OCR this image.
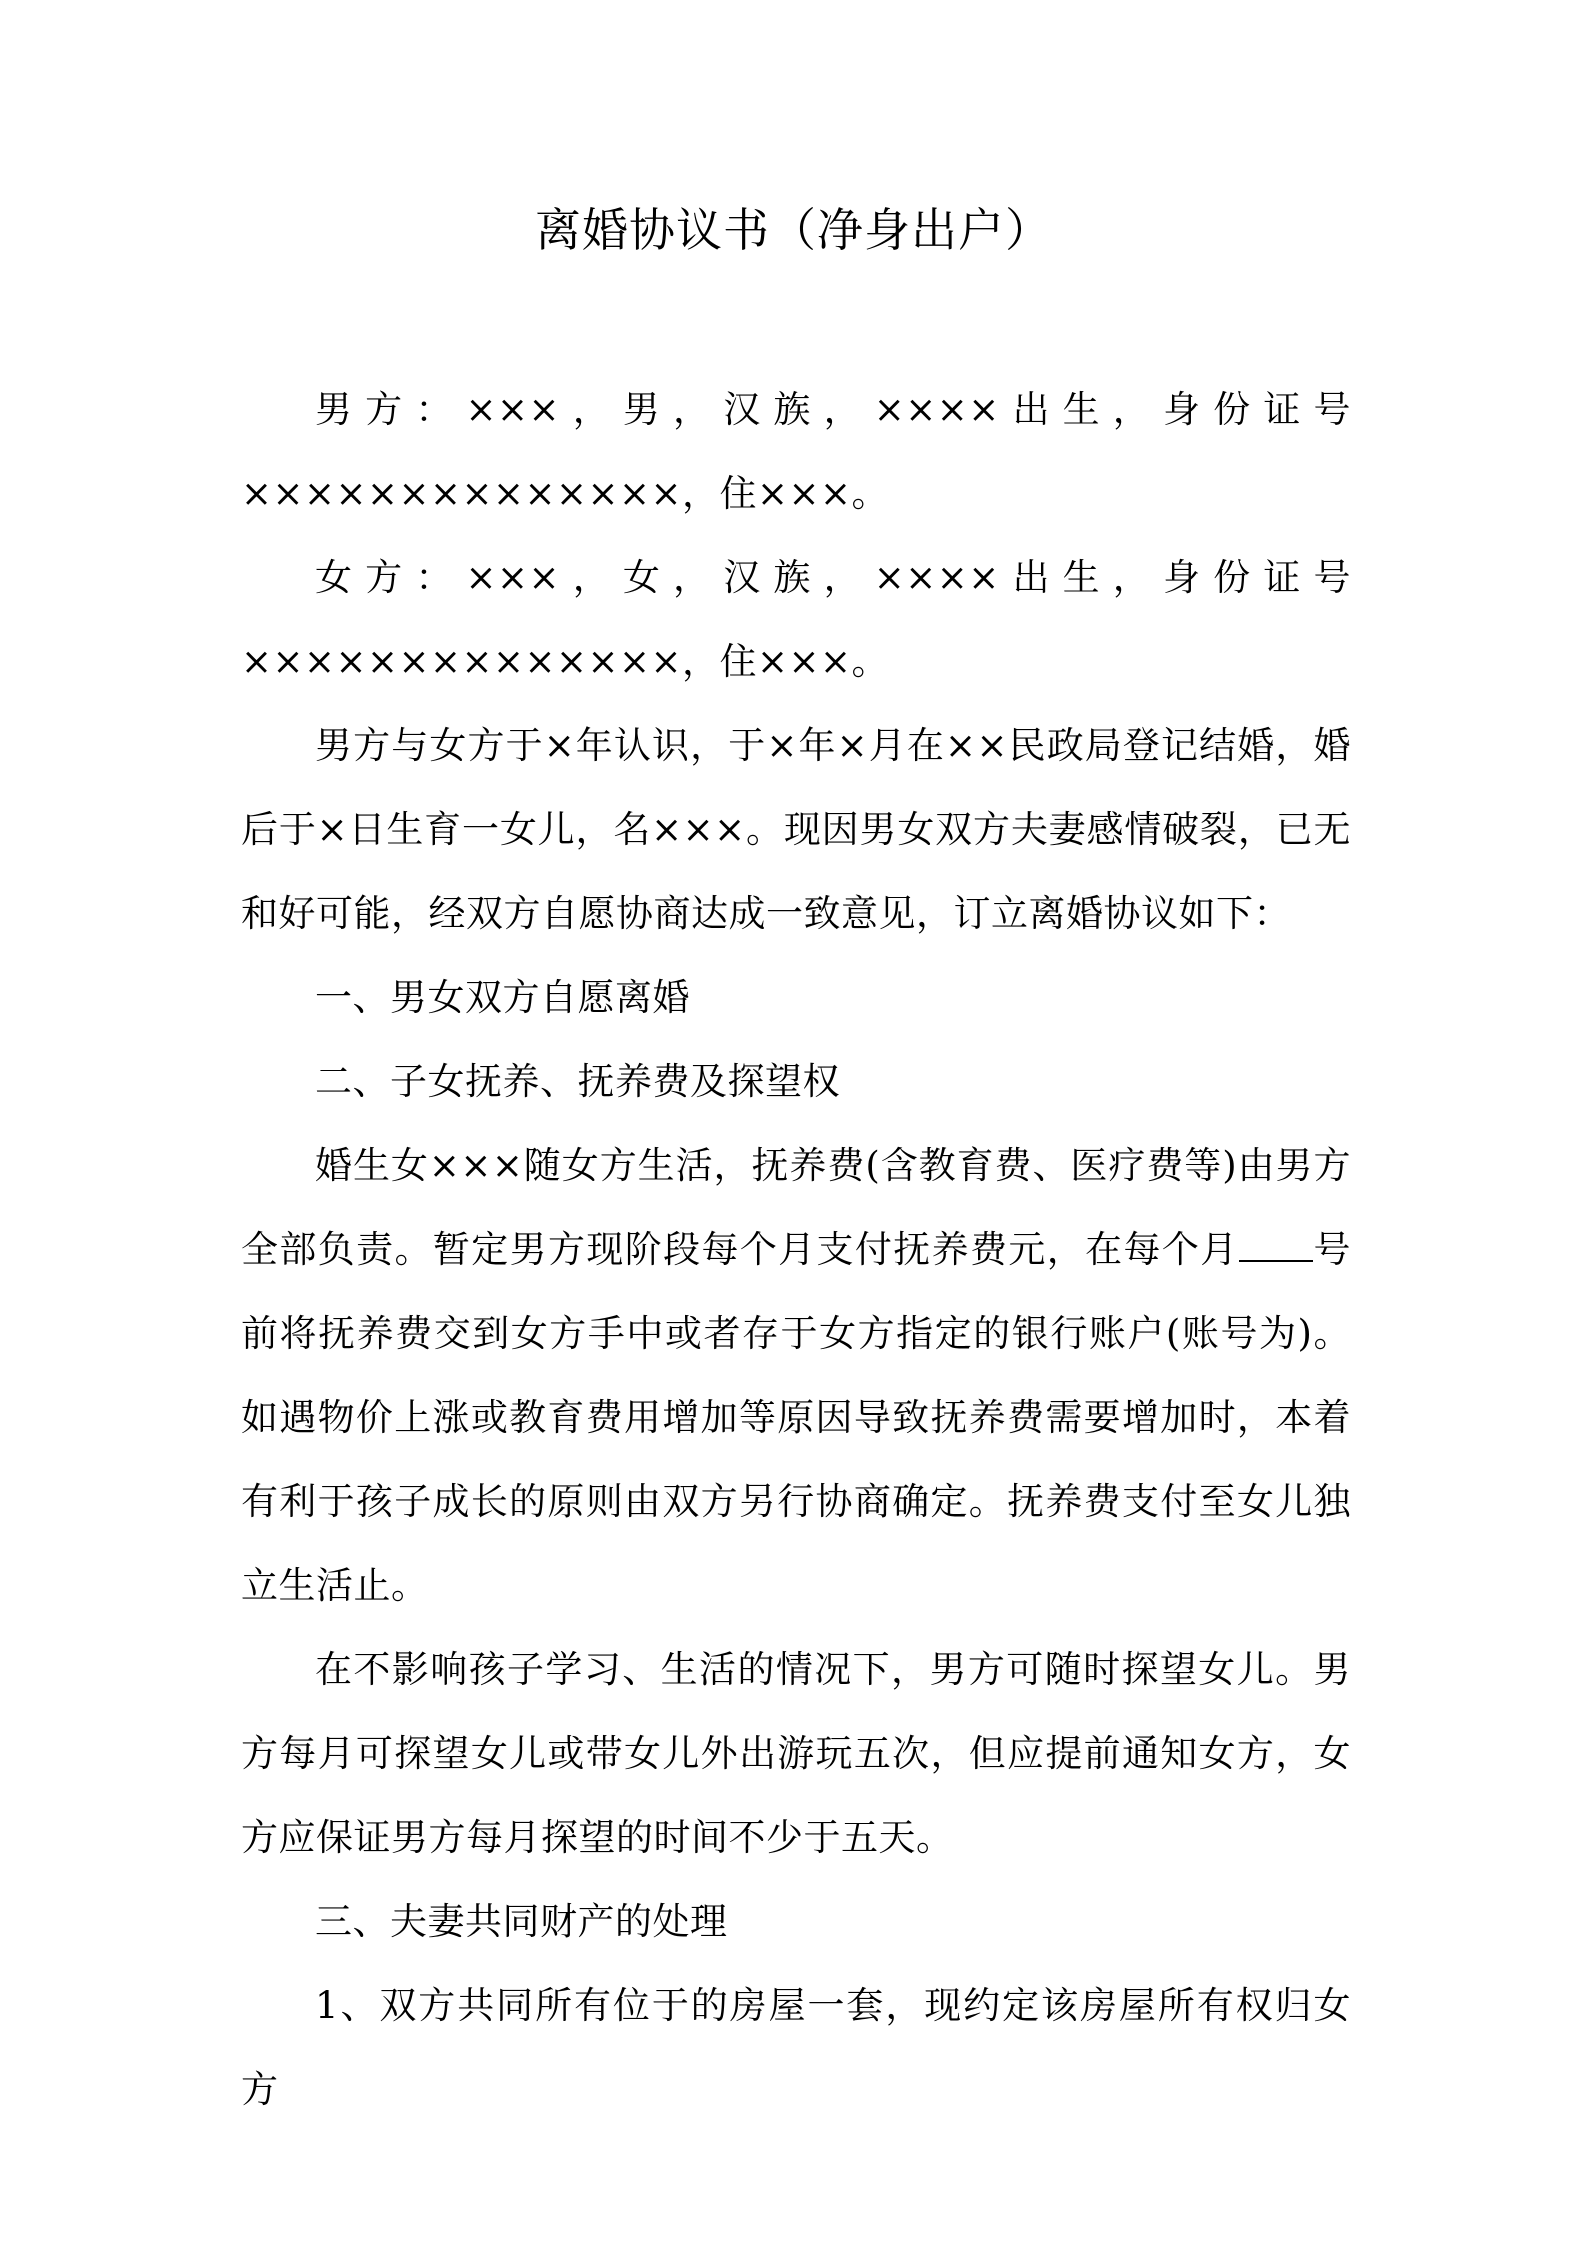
离婚协议书（净身出户）

男方：×××，男，汉族，××××出生，身份证号××××××××××××××，住×××。

女方：×××，女，汉族，××××出生，身份证号××××××××××××××，住×××。

男方与女方于×年认识，于×年×月在××民政局登记结婚，婚后于×日生育一女儿，名×××。现因男女双方夫妻感情破裂，已无和好可能，经双方自愿协商达成一致意见，订立离婚协议如下：

一、男女双方自愿离婚

二、子女抚养、抚养费及探望权

婚生女×××随女方生活，抚养费(含教育费、医疗费等)由男方全部负责。暂定男方现阶段每个月支付抚养费元，在每个月 号前将抚养费交到女方手中或者存于女方指定的银行账户(账号为)。如遇物价上涨或教育费用增加等原因导致抚养费需要增加时，本着有利于孩子成长的原则由双方另行协商确定。抚养费支付至女儿独立生活止。

在不影响孩子学习、生活的情况下，男方可随时探望女儿。男方每月可探望女儿或带女儿外出游玩五次，但应提前通知女方，女方应保证男方每月探望的时间不少于五天。

三、夫妻共同财产的处理

1、双方共同所有位于的房屋一套，现约定该房屋所有权归女方
